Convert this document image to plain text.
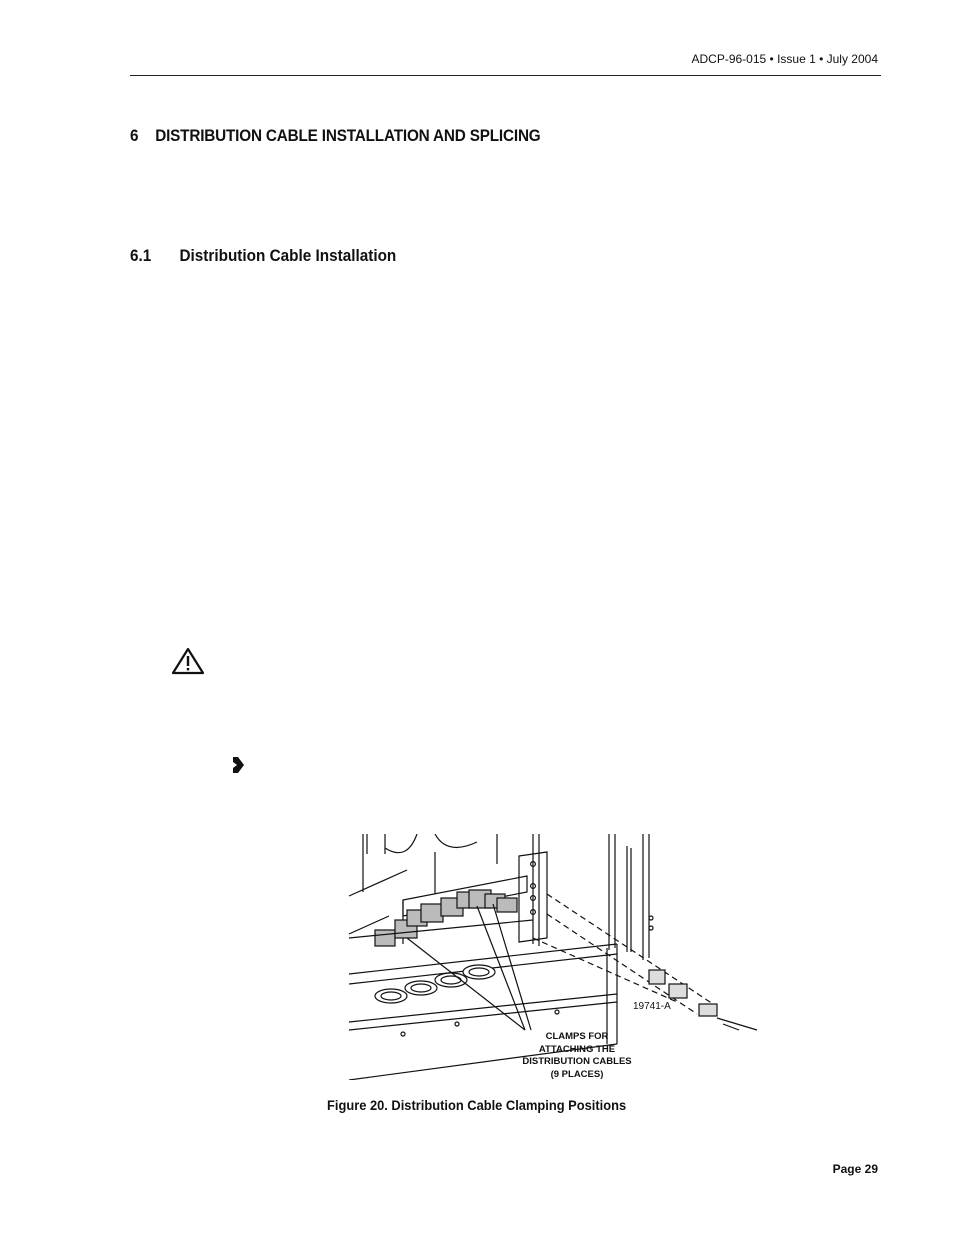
ADCP-96-015 • Issue 1 • July 2004
6 DISTRIBUTION CABLE INSTALLATION AND SPLICING
6.1 Distribution Cable Installation
19741-A
CLAMPS FOR
ATTACHING THE
DISTRIBUTION CABLES
(9 PLACES)
Figure 20. Distribution Cable Clamping Positions
Page 29
